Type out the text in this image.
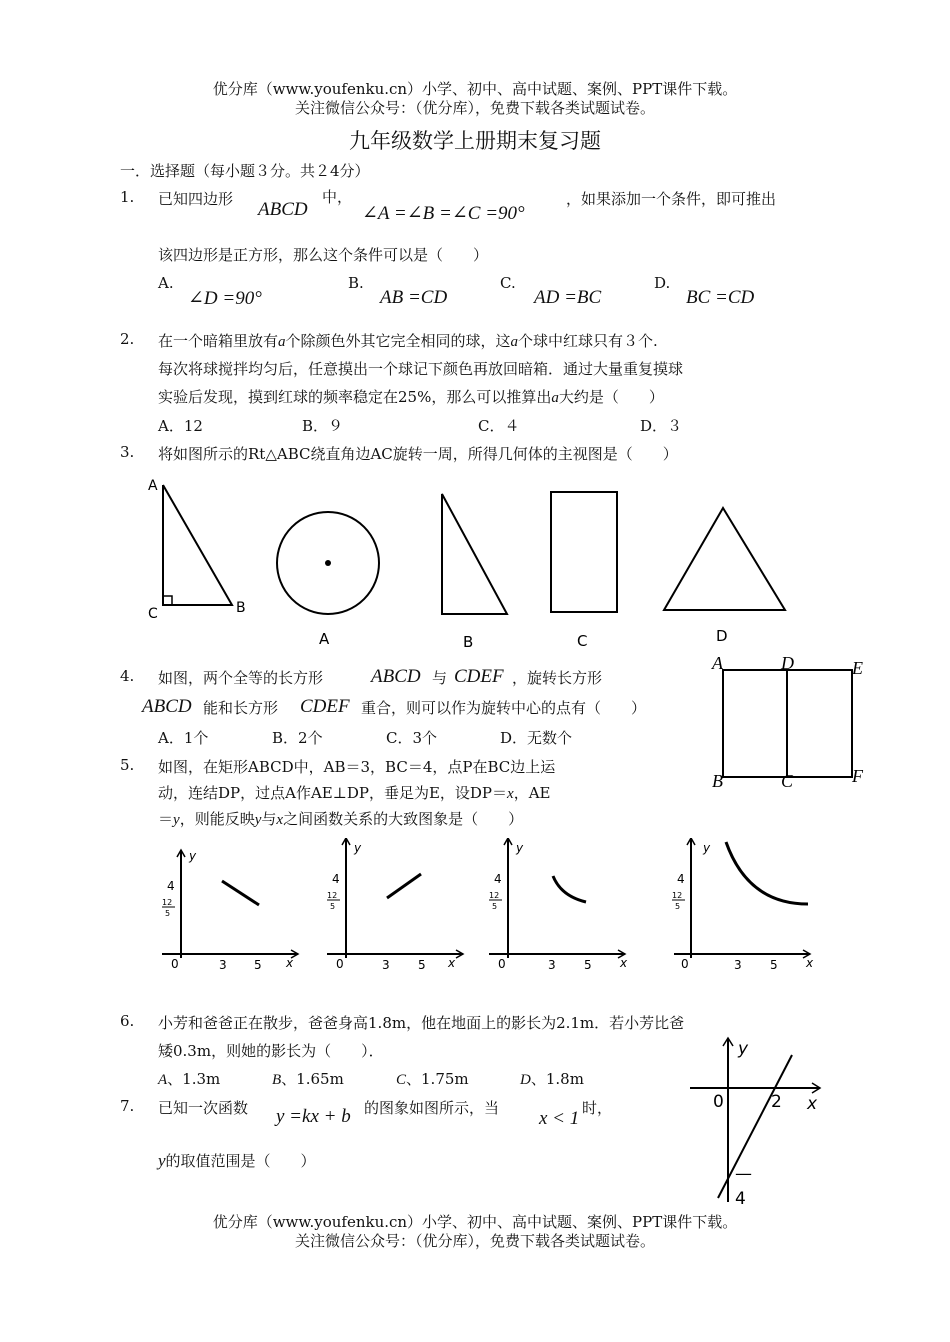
优分库（www.youfenku.cn）小学、初中、高中试题、案例、PPT课件下载。
关注微信公众号：（优分库），免费下载各类试题试卷。
九年级数学上册期末复习题
一．选择题（每小题３分。共２4分）
1. 已知四边形 ABCD
中，
∠A =∠B =∠C =90°
，如果添加一个条件，即可推出
该四边形是正方形，那么这个条件可以是（　　）
A.
∠D =90°
B.
AB =CD
C.
AD =BC
D.
BC =CD
2. 在一个暗箱里放有a个除颜色外其它完全相同的球，这a个球中红球只有３个.
每次将球搅拌均匀后，任意摸出一个球记下颜色再放回暗箱．通过大量重复摸球
实验后发现，摸到红球的频率稳定在25%，那么可以推算出a大约是（　　）
A．12	B．９	C．４	D．３
3. 将如图所示的Rt△ABC绕直角边AC旋转一周，所得几何体的主视图是（　　）
A
C	B
A	B	C	D
4. 如图，两个全等的长方形	ABCD 与 CDEF ，旋转长方形
ABCD 能和长方形 CDEF 重合，则可以作为旋转中心的点有（　　）
A．1个	B．2个	C．3个	D．无数个
A	D	E
B	C	F
5. 如图，在矩形ABCD中，AB＝3，BC＝4，点P在BC边上运
动，连结DP，过点A作AE⊥DP，垂足为E，设DP＝x，AE
＝y，则能反映y与x之间函数关系的大致图象是（　　）
y
4
12
5
0	3 5 x
y
4
12
5
0	3 5 x
y
4
12
5
0	3 5 x
y
4
12
5
0	3 5 x
6. 小芳和爸爸正在散步，爸爸身高1.8m，他在地面上的影长为2.1m．若小芳比爸
矮0.3m，则她的影长为（　　）．
A、1.3m	B、1.65m	C、1.75m	D、1.8m
7. 已知一次函数 y =kx + b 的图象如图所示，当 x < 1 时，
y的取值范围是（　　）
y
0	2 x
—
4
优分库（www.youfenku.cn）小学、初中、高中试题、案例、PPT课件下载。
关注微信公众号：（优分库），免费下载各类试题试卷。
